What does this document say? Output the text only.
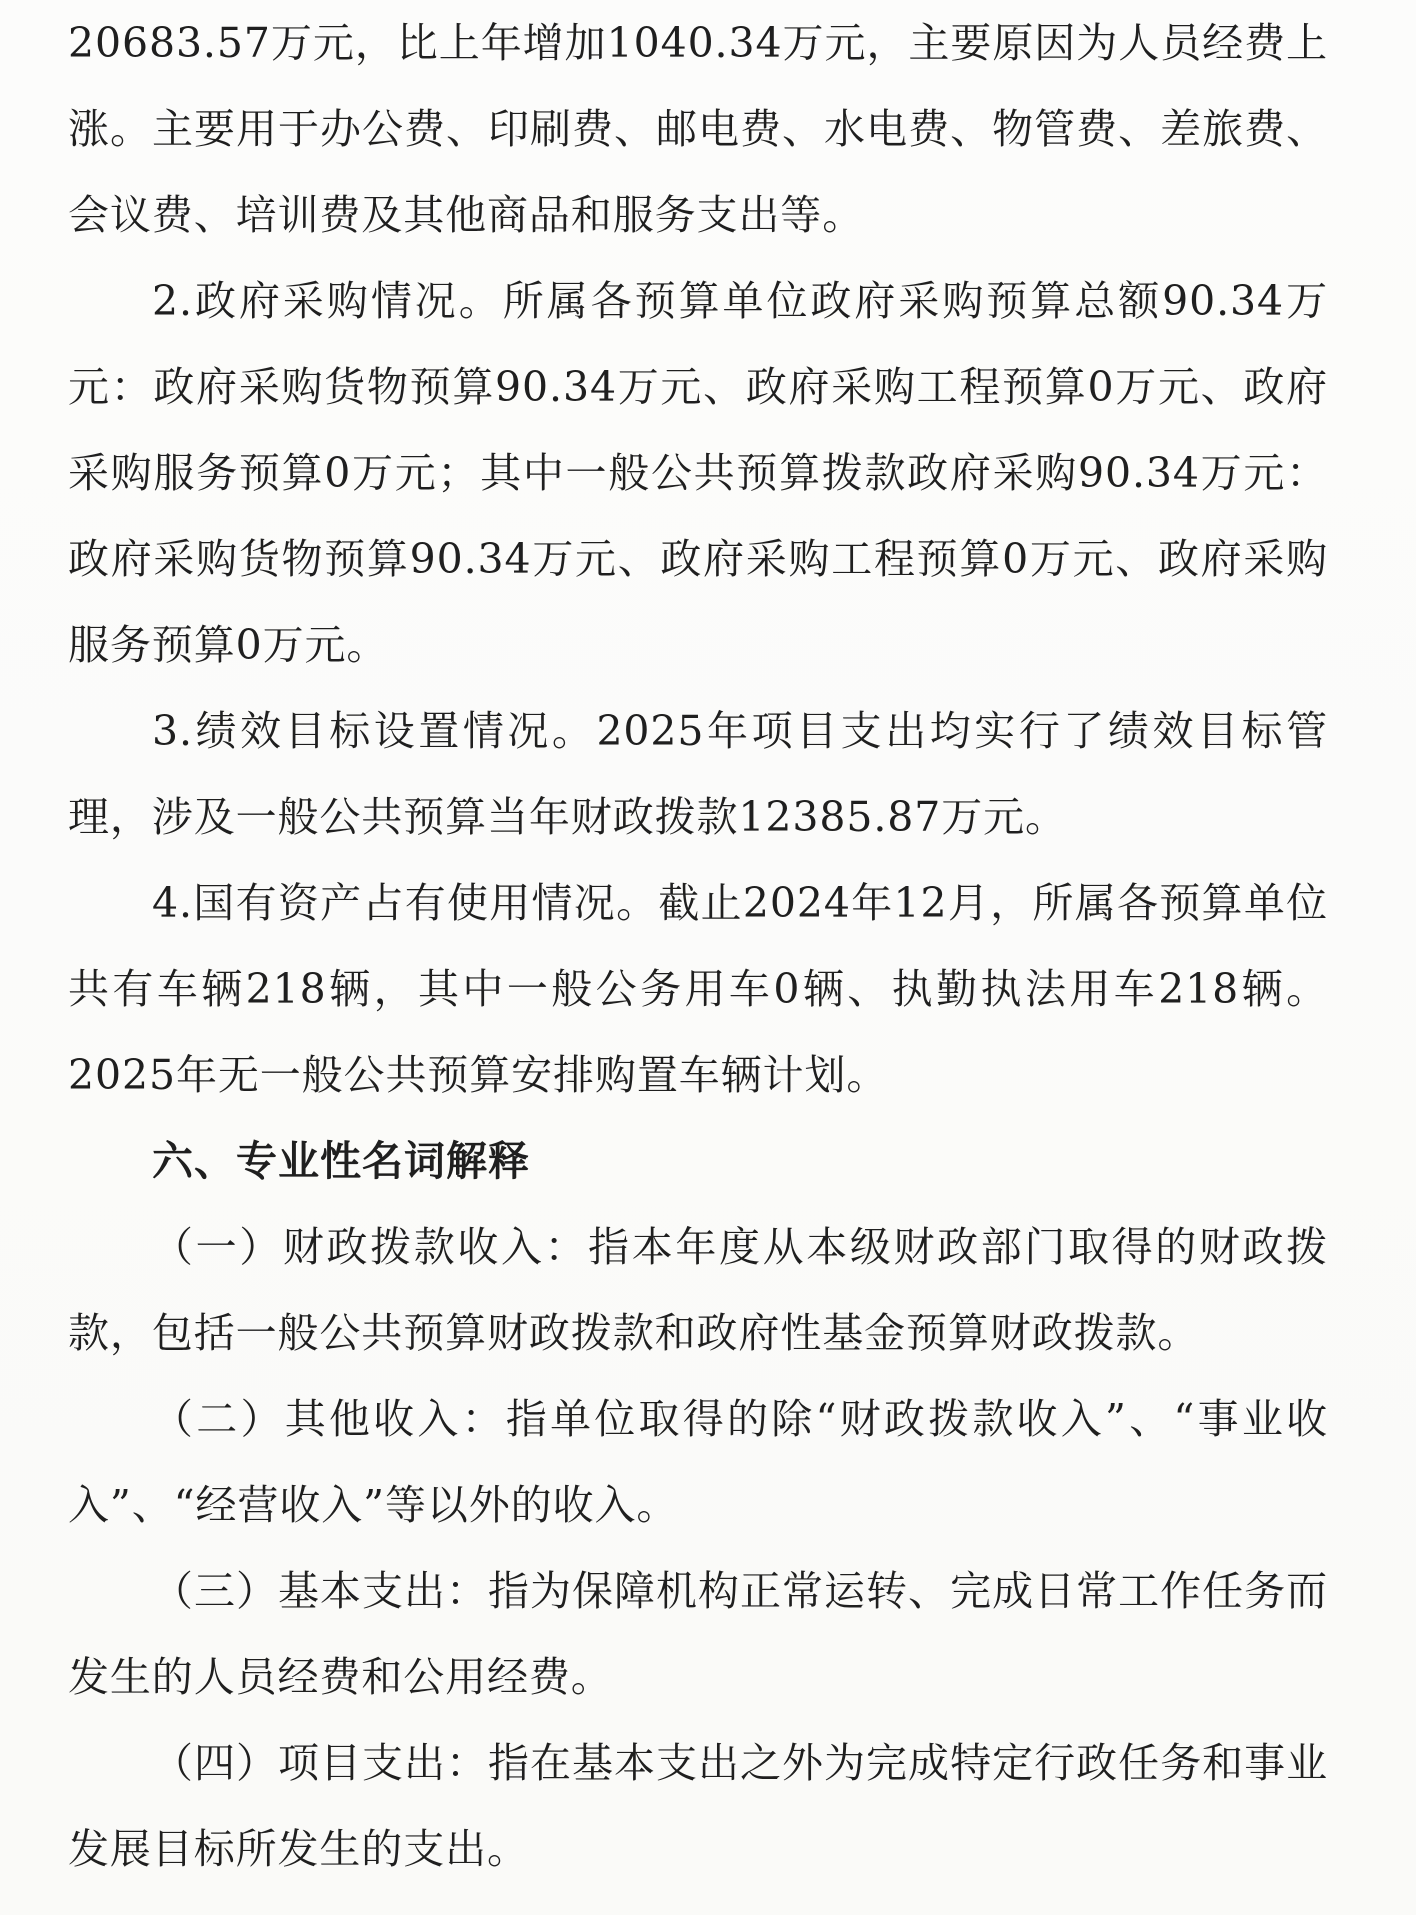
20683.57万元，比上年增加1040.34万元，主要原因为人员经费上涨。主要用于办公费、印刷费、邮电费、水电费、物管费、差旅费、会议费、培训费及其他商品和服务支出等。

2.政府采购情况。所属各预算单位政府采购预算总额90.34万元：政府采购货物预算90.34万元、政府采购工程预算0万元、政府采购服务预算0万元；其中一般公共预算拨款政府采购90.34万元：政府采购货物预算90.34万元、政府采购工程预算0万元、政府采购服务预算0万元。

3.绩效目标设置情况。2025年项目支出均实行了绩效目标管理，涉及一般公共预算当年财政拨款12385.87万元。

4.国有资产占有使用情况。截止2024年12月，所属各预算单位共有车辆218辆，其中一般公务用车0辆、执勤执法用车218辆。2025年无一般公共预算安排购置车辆计划。

六、专业性名词解释

（一）财政拨款收入：指本年度从本级财政部门取得的财政拨款，包括一般公共预算财政拨款和政府性基金预算财政拨款。

（二）其他收入：指单位取得的除“财政拨款收入”、“事业收入”、“经营收入”等以外的收入。

（三）基本支出：指为保障机构正常运转、完成日常工作任务而发生的人员经费和公用经费。

（四）项目支出：指在基本支出之外为完成特定行政任务和事业发展目标所发生的支出。
